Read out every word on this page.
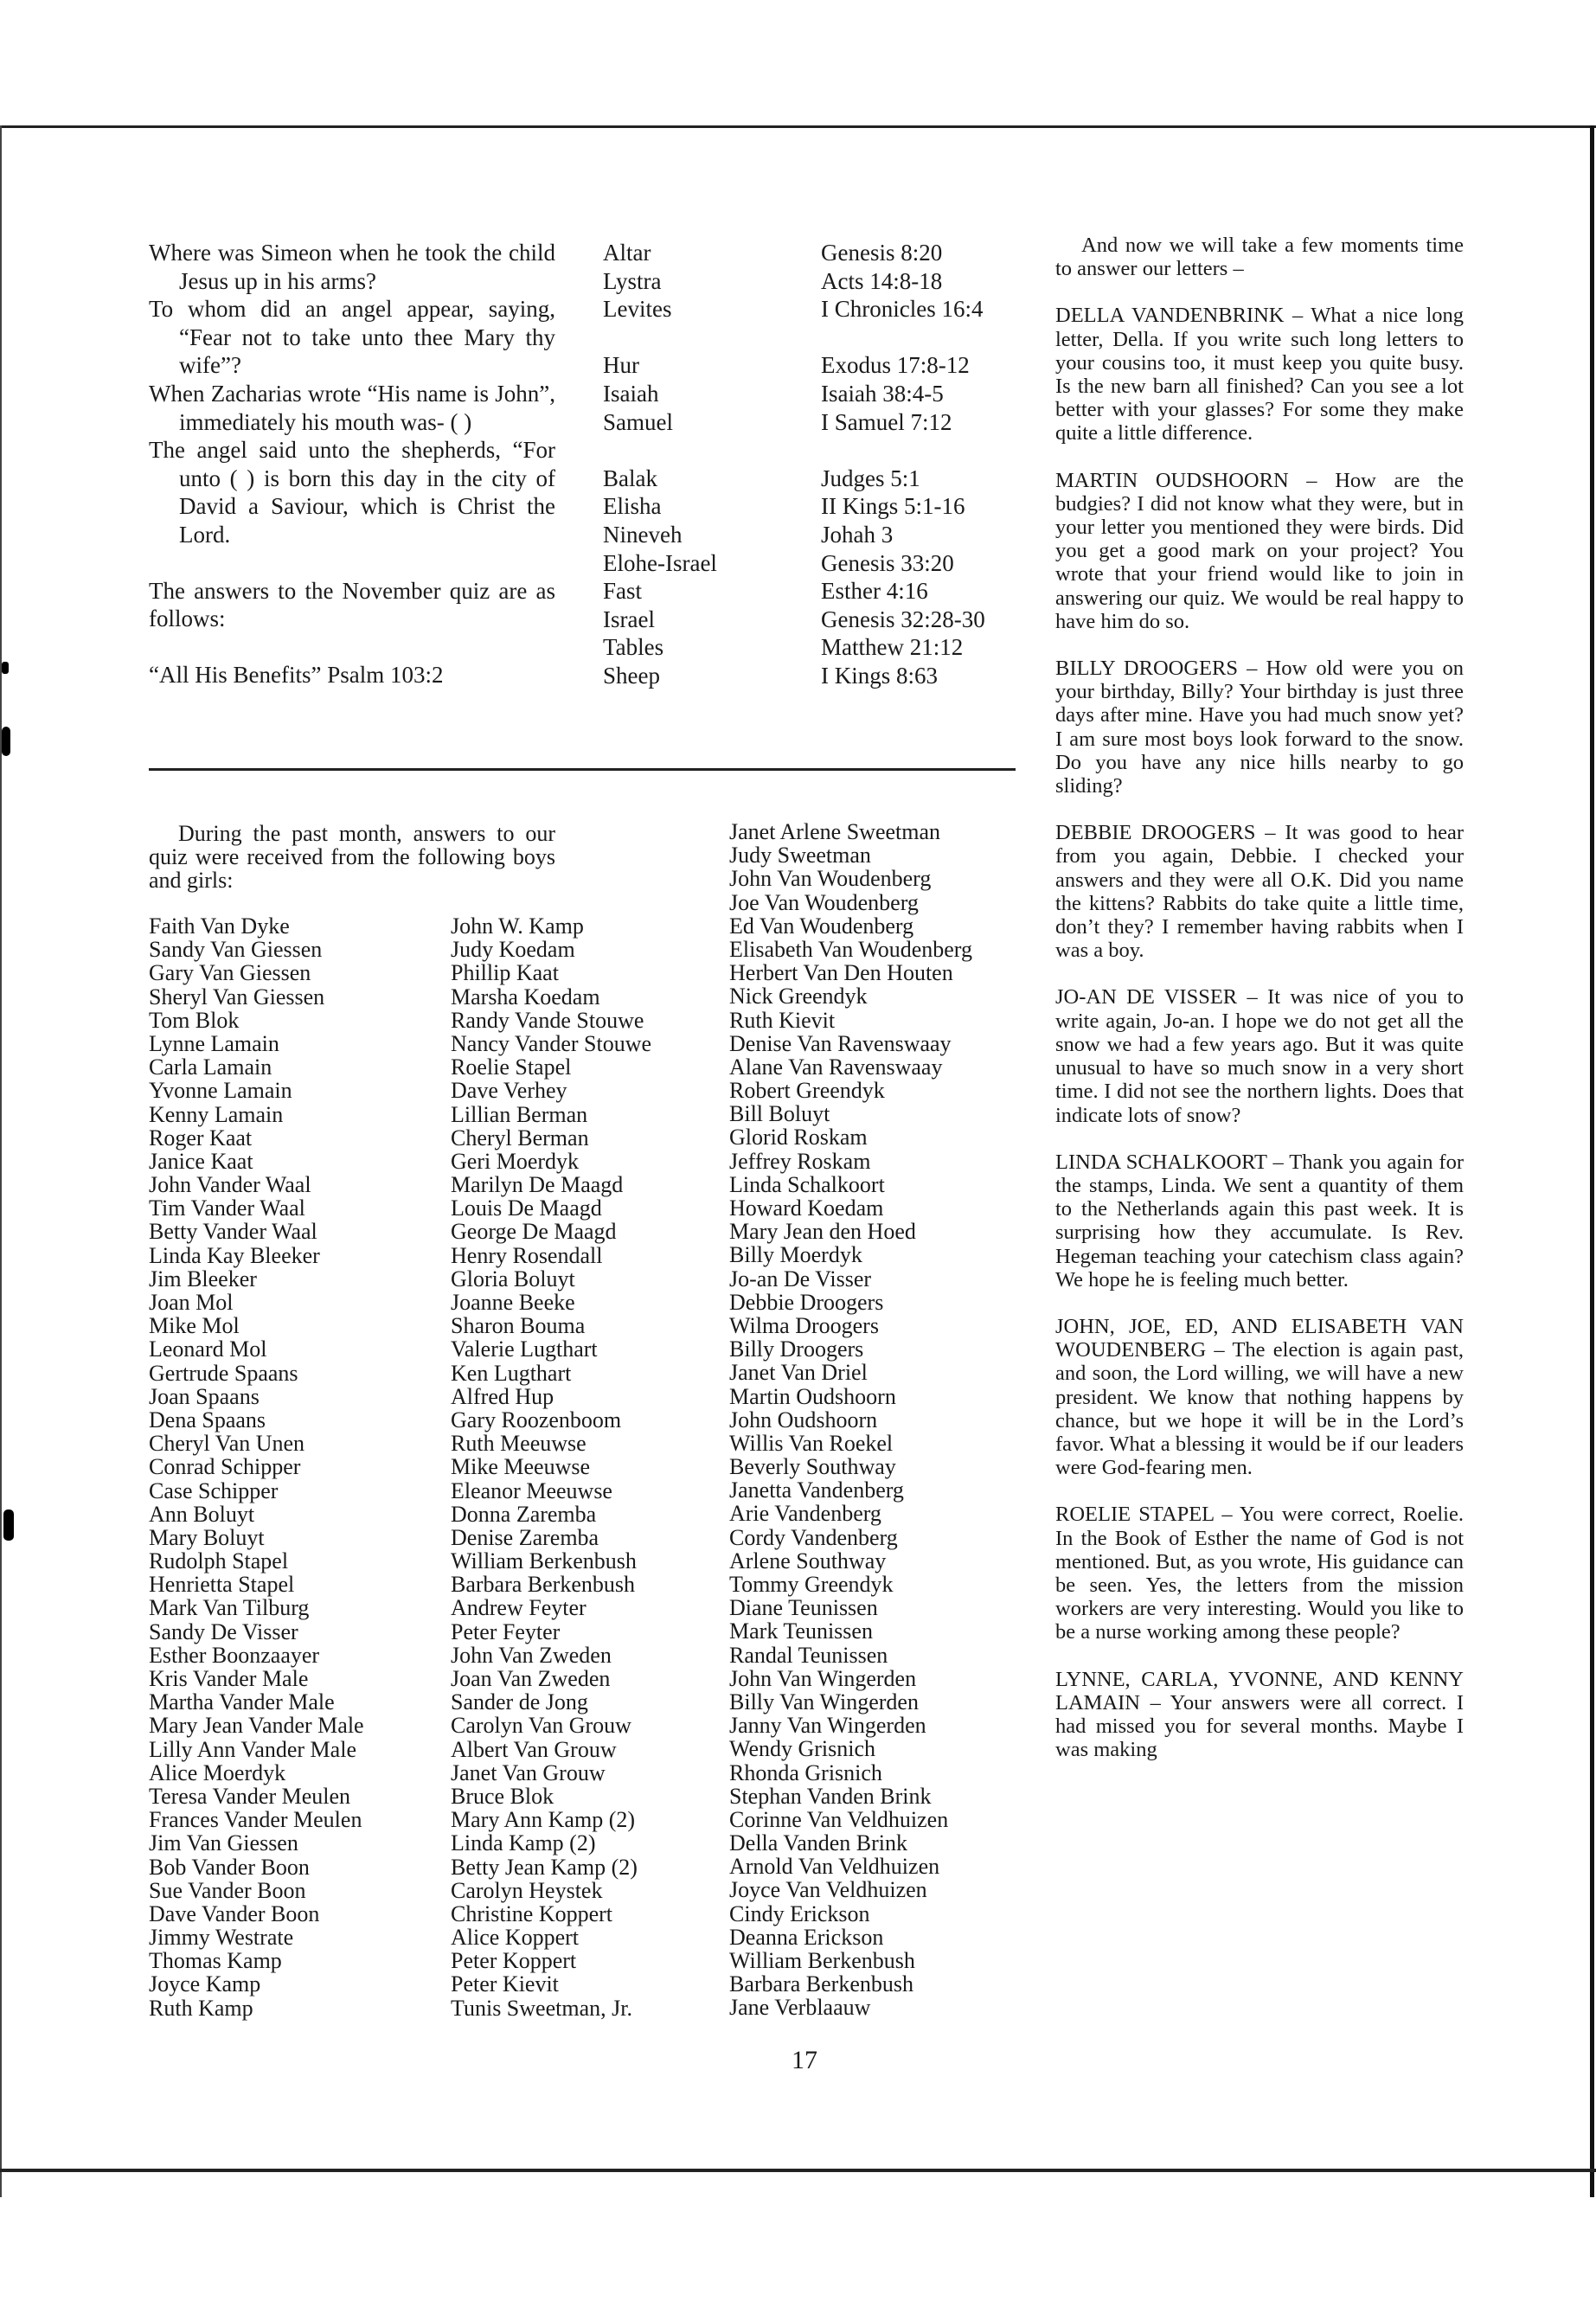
Where was Simeon when he took the child Jesus up in his arms?

To whom did an angel appear, saying, “Fear not to take unto thee Mary thy wife”?

When Zacharias wrote “His name is John”, immediately his mouth was- ( )

The angel said unto the shepherds, “For unto ( ) is born this day in the city of David a Saviour, which is Christ the Lord.

The answers to the November quiz are as follows:

“All His Benefits” Psalm 103:2

Altar
Lystra
Levites
Hur
Isaiah
Samuel
Balak
Elisha
Nineveh
Elohe-Israel
Fast
Israel
Tables
Sheep
Genesis 8:20
Acts 14:8-18
I Chronicles 16:4
Exodus 17:8-12
Isaiah 38:4-5
I Samuel 7:12
Judges 5:1
II Kings 5:1-16
Johah 3
Genesis 33:20
Esther 4:16
Genesis 32:28-30
Matthew 21:12
I Kings 8:63

During the past month, answers to our quiz were received from the following boys and girls:

Faith Van Dyke
Sandy Van Giessen
Gary Van Giessen
Sheryl Van Giessen
Tom Blok
Lynne Lamain
Carla Lamain
Yvonne Lamain
Kenny Lamain
Roger Kaat
Janice Kaat
John Vander Waal
Tim Vander Waal
Betty Vander Waal
Linda Kay Bleeker
Jim Bleeker
Joan Mol
Mike Mol
Leonard Mol
Gertrude Spaans
Joan Spaans
Dena Spaans
Cheryl Van Unen
Conrad Schipper
Case Schipper
Ann Boluyt
Mary Boluyt
Rudolph Stapel
Henrietta Stapel
Mark Van Tilburg
Sandy De Visser
Esther Boonzaayer
Kris Vander Male
Martha Vander Male
Mary Jean Vander Male
Lilly Ann Vander Male
Alice Moerdyk
Teresa Vander Meulen
Frances Vander Meulen
Jim Van Giessen
Bob Vander Boon
Sue Vander Boon
Dave Vander Boon
Jimmy Westrate
Thomas Kamp
Joyce Kamp
Ruth Kamp
John W. Kamp
Judy Koedam
Phillip Kaat
Marsha Koedam
Randy Vande Stouwe
Nancy Vander Stouwe
Roelie Stapel
Dave Verhey
Lillian Berman
Cheryl Berman
Geri Moerdyk
Marilyn De Maagd
Louis De Maagd
George De Maagd
Henry Rosendall
Gloria Boluyt
Joanne Beeke
Sharon Bouma
Valerie Lugthart
Ken Lugthart
Alfred Hup
Gary Roozenboom
Ruth Meeuwse
Mike Meeuwse
Eleanor Meeuwse
Donna Zaremba
Denise Zaremba
William Berkenbush
Barbara Berkenbush
Andrew Feyter
Peter Feyter
John Van Zweden
Joan Van Zweden
Sander de Jong
Carolyn Van Grouw
Albert Van Grouw
Janet Van Grouw
Bruce Blok
Mary Ann Kamp (2)
Linda Kamp (2)
Betty Jean Kamp (2)
Carolyn Heystek
Christine Koppert
Alice Koppert
Peter Koppert
Peter Kievit
Tunis Sweetman, Jr.
Janet Arlene Sweetman
Judy Sweetman
John Van Woudenberg
Joe Van Woudenberg
Ed Van Woudenberg
Elisabeth Van Woudenberg
Herbert Van Den Houten
Nick Greendyk
Ruth Kievit
Denise Van Ravenswaay
Alane Van Ravenswaay
Robert Greendyk
Bill Boluyt
Glorid Roskam
Jeffrey Roskam
Linda Schalkoort
Howard Koedam
Mary Jean den Hoed
Billy Moerdyk
Jo-an De Visser
Debbie Droogers
Wilma Droogers
Billy Droogers
Janet Van Driel
Martin Oudshoorn
John Oudshoorn
Willis Van Roekel
Beverly Southway
Janetta Vandenberg
Arie Vandenberg
Cordy Vandenberg
Arlene Southway
Tommy Greendyk
Diane Teunissen
Mark Teunissen
Randal Teunissen
John Van Wingerden
Billy Van Wingerden
Janny Van Wingerden
Wendy Grisnich
Rhonda Grisnich
Stephan Vanden Brink
Corinne Van Veldhuizen
Della Vanden Brink
Arnold Van Veldhuizen
Joyce Van Veldhuizen
Cindy Erickson
Deanna Erickson
William Berkenbush
Barbara Berkenbush
Jane Verblaauw

And now we will take a few moments time to answer our letters –

DELLA VANDENBRINK – What a nice long letter, Della. If you write such long letters to your cousins too, it must keep you quite busy. Is the new barn all finished? Can you see a lot better with your glasses? For some they make quite a little difference.

MARTIN OUDSHOORN – How are the budgies? I did not know what they were, but in your letter you mentioned they were birds. Did you get a good mark on your project? You wrote that your friend would like to join in answering our quiz. We would be real happy to have him do so.

BILLY DROOGERS – How old were you on your birthday, Billy? Your birthday is just three days after mine. Have you had much snow yet? I am sure most boys look forward to the snow. Do you have any nice hills nearby to go sliding?

DEBBIE DROOGERS – It was good to hear from you again, Debbie. I checked your answers and they were all O.K. Did you name the kittens? Rabbits do take quite a little time, don’t they? I remember having rabbits when I was a boy.

JO-AN DE VISSER – It was nice of you to write again, Jo-an. I hope we do not get all the snow we had a few years ago. But it was quite unusual to have so much snow in a very short time. I did not see the northern lights. Does that indicate lots of snow?

LINDA SCHALKOORT – Thank you again for the stamps, Linda. We sent a quantity of them to the Netherlands again this past week. It is surprising how they accumulate. Is Rev. Hegeman teaching your catechism class again? We hope he is feeling much better.

JOHN, JOE, ED, AND ELISABETH VAN WOUDENBERG – The election is again past, and soon, the Lord willing, we will have a new president. We know that nothing happens by chance, but we hope it will be in the Lord’s favor. What a blessing it would be if our leaders were God-fearing men.

ROELIE STAPEL – You were correct, Roelie. In the Book of Esther the name of God is not mentioned. But, as you wrote, His guidance can be seen. Yes, the letters from the mission workers are very interesting. Would you like to be a nurse working among these people?

LYNNE, CARLA, YVONNE, AND KENNY LAMAIN – Your answers were all correct. I had missed you for several months. Maybe I was making

17
